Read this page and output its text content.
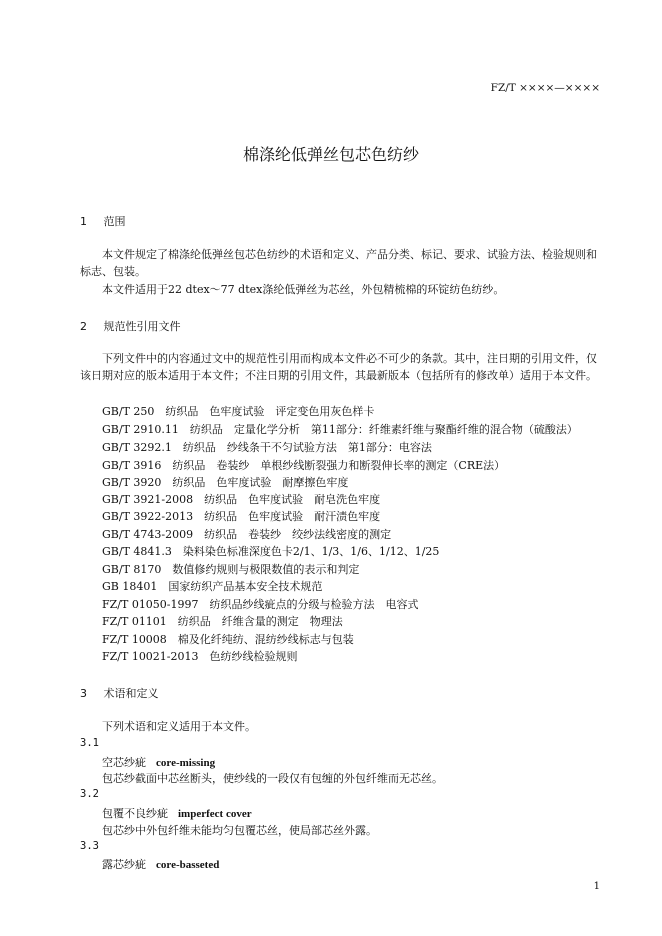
FZ/T ××××—××××
棉涤纶低弹丝包芯色纺纱
1 范围
本文件规定了棉涤纶低弹丝包芯色纺纱的术语和定义、产品分类、标记、要求、试验方法、检验规则和标志、包装。
本文件适用于22 dtex～77 dtex涤纶低弹丝为芯丝，外包精梳棉的环锭纺色纺纱。
2 规范性引用文件
下列文件中的内容通过文中的规范性引用而构成本文件必不可少的条款。其中，注日期的引用文件，仅该日期对应的版本适用于本文件；不注日期的引用文件，其最新版本（包括所有的修改单）适用于本文件。
GB/T 250　纺织品　色牢度试验　评定变色用灰色样卡
GB/T 2910.11　纺织品　定量化学分析　第11部分：纤维素纤维与聚酯纤维的混合物（硫酸法）
GB/T 3292.1　纺织品　纱线条干不匀试验方法　第1部分：电容法
GB/T 3916　纺织品　卷装纱　单根纱线断裂强力和断裂伸长率的测定（CRE法）
GB/T 3920　纺织品　色牢度试验　耐摩擦色牢度
GB/T 3921-2008　纺织品　色牢度试验　耐皂洗色牢度
GB/T 3922-2013　纺织品　色牢度试验　耐汗渍色牢度
GB/T 4743-2009　纺织品　卷装纱　绞纱法线密度的测定
GB/T 4841.3　染料染色标准深度色卡2/1、1/3、1/6、1/12、1/25
GB/T 8170　数值修约规则与极限数值的表示和判定
GB 18401　国家纺织产品基本安全技术规范
FZ/T 01050-1997　纺织品纱线疵点的分级与检验方法　电容式
FZ/T 01101　纺织品　纤维含量的测定　物理法
FZ/T 10008　棉及化纤纯纺、混纺纱线标志与包装
FZ/T 10021-2013　色纺纱线检验规则
3 术语和定义
下列术语和定义适用于本文件。
3.1
空芯纱疵 core-missing
包芯纱截面中芯丝断头，使纱线的一段仅有包缠的外包纤维而无芯丝。
3.2
包覆不良纱疵 imperfect cover
包芯纱中外包纤维未能均匀包覆芯丝，使局部芯丝外露。
3.3
露芯纱疵 core-basseted
1
